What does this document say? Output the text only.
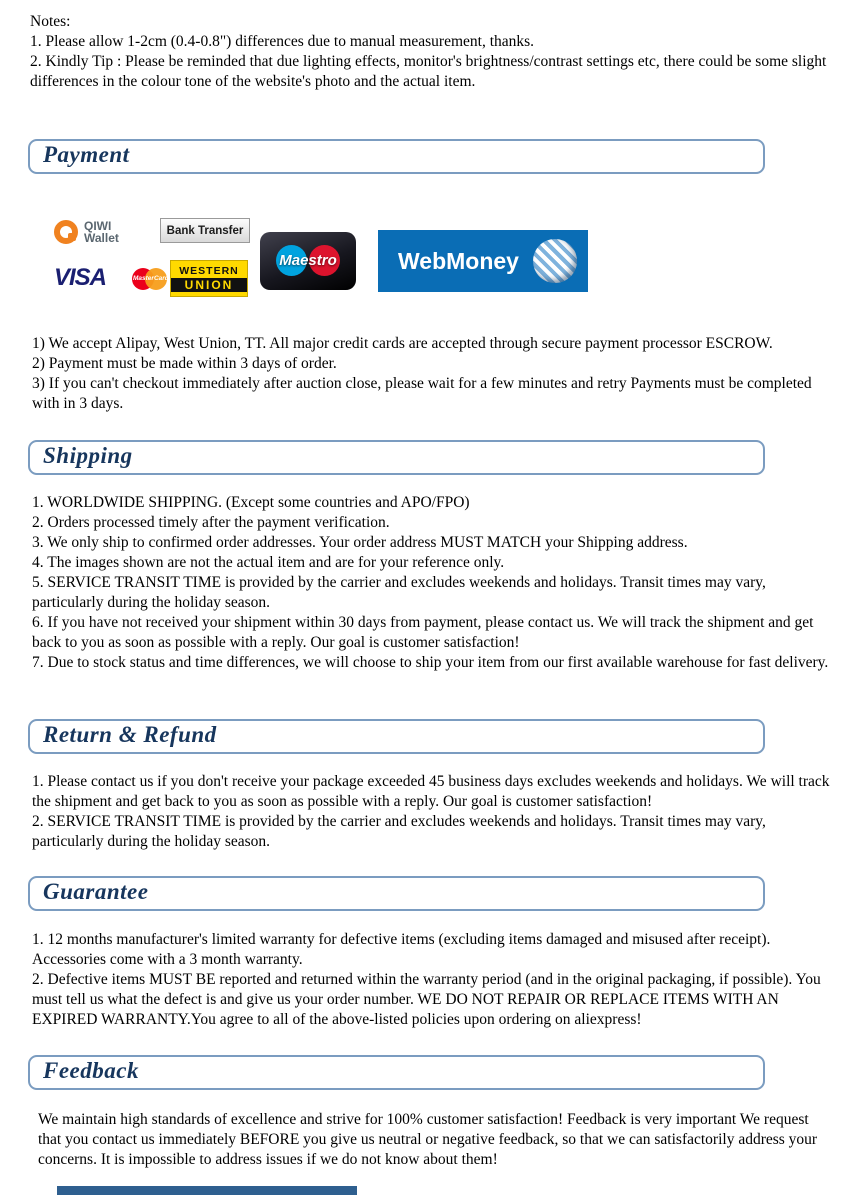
Notes:

1. Please allow 1-2cm (0.4-0.8") differences due to manual measurement, thanks.

2. Kindly Tip : Please be reminded that due lighting effects, monitor's brightness/contrast settings etc, there could be some slight differences in the colour tone of the website's photo and the actual item.

Payment
QIWI
Wallet
Bank Transfer
VISA	MasterCard
WESTERN
UNION
Maestro	WebMoney

1) We accept Alipay, West Union, TT. All major credit cards are accepted through secure payment processor ESCROW.

2) Payment must be made within 3 days of order.

3) If you can't checkout immediately after auction close, please wait for a few minutes and retry Payments must be completed with in 3 days.

Shipping

1. WORLDWIDE SHIPPING. (Except some countries and APO/FPO)

2. Orders processed timely after the payment verification.

3. We only ship to confirmed order addresses. Your order address MUST MATCH your Shipping address.

4. The images shown are not the actual item and are for your reference only.

5. SERVICE TRANSIT TIME is provided by the carrier and excludes weekends and holidays. Transit times may vary, particularly during the holiday season.

6. If you have not received your shipment within 30 days from payment, please contact us. We will track the shipment and get back to you as soon as possible with a reply. Our goal is customer satisfaction!

7. Due to stock status and time differences, we will choose to ship your item from our first available warehouse for fast delivery.

Return & Refund

1. Please contact us if you don't receive your package exceeded 45 business days excludes weekends and holidays. We will track the shipment and get back to you as soon as possible with a reply. Our goal is customer satisfaction!

2. SERVICE TRANSIT TIME is provided by the carrier and excludes weekends and holidays. Transit times may vary, particularly during the holiday season.

Guarantee

1. 12 months manufacturer's limited warranty for defective items (excluding items damaged and misused after receipt). Accessories come with a 3 month warranty.

2. Defective items MUST BE reported and returned within the warranty period (and in the original packaging, if possible). You must tell us what the defect is and give us your order number. WE DO NOT REPAIR OR REPLACE ITEMS WITH AN EXPIRED WARRANTY.You agree to all of the above-listed policies upon ordering on aliexpress!

Feedback

We maintain high standards of excellence and strive for 100% customer satisfaction! Feedback is very important We request that you contact us immediately BEFORE you give us neutral or negative feedback, so that we can satisfactorily address your concerns. It is impossible to address issues if we do not know about them!
